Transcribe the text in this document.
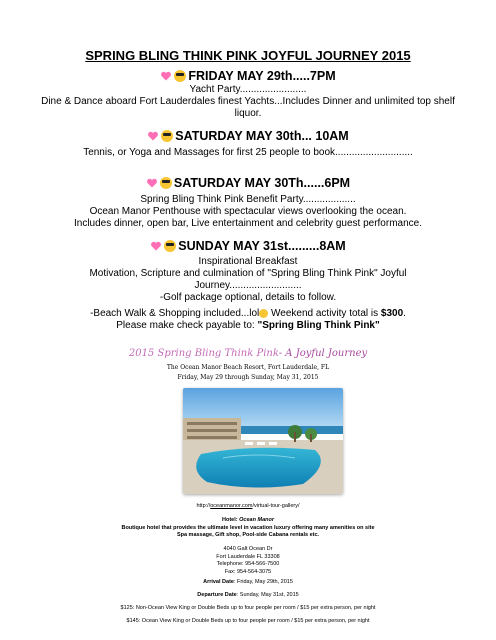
SPRING BLING THINK PINK JOYFUL JOURNEY 2015
FRIDAY MAY 29th.....7PM
Yacht Party........................
Dine & Dance aboard Fort Lauderdales finest Yachts...Includes Dinner and unlimited top shelf liquor.
SATURDAY MAY 30th... 10AM
Tennis, or Yoga and Massages for first 25 people to book............................
SATURDAY MAY 30Th......6PM
Spring Bling Think Pink Benefit Party...................
Ocean Manor Penthouse with spectacular views overlooking the ocean.
Includes dinner, open bar, Live entertainment and celebrity guest performance.
SUNDAY MAY 31st.........8AM
Inspirational Breakfast
Motivation, Scripture and culmination of "Spring Bling Think Pink" Joyful Journey..........................
-Golf package optional, details to follow.
-Beach Walk & Shopping included...lol Weekend activity total is $300.
Please make check payable to: "Spring Bling Think Pink"
2015 Spring Bling Think Pink- A Joyful Journey
The Ocean Manor Beach Resort, Fort Lauderdale, FL
Friday, May 29 through Sunday, May 31, 2015
http://oceanmanor.com/virtual-tour-gallery/
Hotel: Ocean Manor
Boutique hotel that provides the ultimate level in vacation luxury offering many amenities on site
Spa massage, Gift shop, Pool-side Cabana rentals etc.
4040 Galt Ocean Dr
Fort Lauderdale FL 33308
Telephone: 954-566-7500
Fax: 954-564-3075
Arrival Date: Friday, May 29th, 2015
Departure Date: Sunday, May 31st, 2015
$125: Non-Ocean View King or Double Beds up to four people per room / $15 per extra person, per night
$145: Ocean View King or Double Beds up to four people per room / $15 per extra person, per night
